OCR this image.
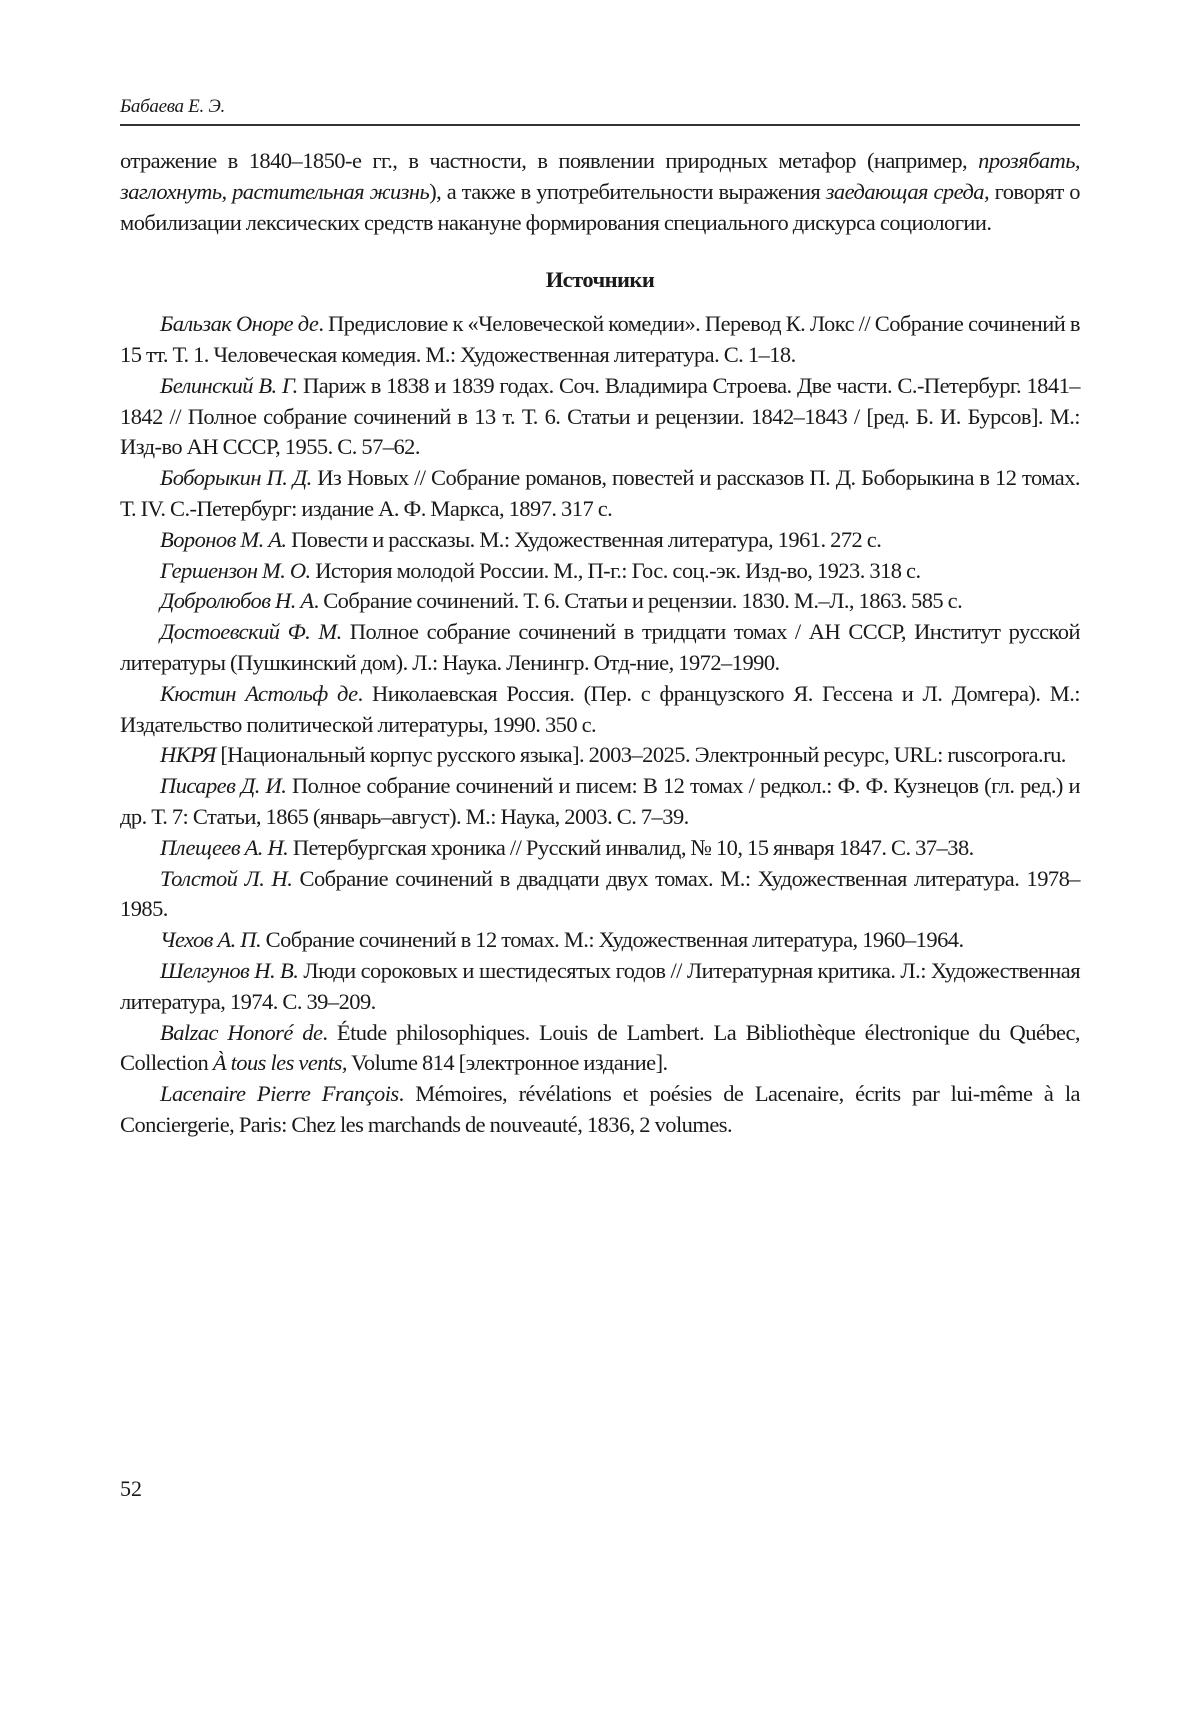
Бабаева Е. Э.

отражение в 1840–1850-е гг., в частности, в появлении природных метафор (например, прозябать, заглохнуть, растительная жизнь), а также в употребительности выражения заедающая среда, говорят о мобилизации лексических средств накануне формирования специального дискурса социологии.

Источники

Бальзак Оноре де. Предисловие к «Человеческой комедии». Перевод К. Локс // Собрание сочинений в 15 тт. Т. 1. Человеческая комедия. М.: Художественная литература. С. 1–18.

Белинский В. Г. Париж в 1838 и 1839 годах. Соч. Владимира Строева. Две части. С.-Петербург. 1841–1842 // Полное собрание сочинений в 13 т. Т. 6. Статьи и рецензии. 1842–1843 / [ред. Б. И. Бурсов]. М.: Изд-во АН СССР, 1955. С. 57–62.

Боборыкин П. Д. Из Новых // Собрание романов, повестей и рассказов П. Д. Боборыкина в 12 томах. Т. IV. С.-Петербург: издание А. Ф. Маркса, 1897. 317 с.

Воронов М. А. Повести и рассказы. М.: Художественная литература, 1961. 272 с.

Гершензон М. О. История молодой России. М., П-г.: Гос. соц.-эк. Изд-во, 1923. 318 с.

Добролюбов Н. А. Собрание сочинений. Т. 6. Статьи и рецензии. 1830. М.–Л., 1863. 585 с.

Достоевский Ф. М. Полное собрание сочинений в тридцати томах / АН СССР, Институт русской литературы (Пушкинский дом). Л.: Наука. Ленингр. Отд-ние, 1972–1990.

Кюстин Астольф де. Николаевская Россия. (Пер. с французского Я. Гессена и Л. Домгера). М.: Издательство политической литературы, 1990. 350 с.

НКРЯ [Национальный корпус русского языка]. 2003–2025. Электронный ресурс, URL: ruscorpora.ru.

Писарев Д. И. Полное собрание сочинений и писем: В 12 томах / редкол.: Ф. Ф. Кузнецов (гл. ред.) и др. Т. 7: Статьи, 1865 (январь–август). М.: Наука, 2003. С. 7–39.

Плещеев А. Н. Петербургская хроника // Русский инвалид, № 10, 15 января 1847. С. 37–38.

Толстой Л. Н. Собрание сочинений в двадцати двух томах. М.: Художественная литература. 1978–1985.

Чехов А. П. Собрание сочинений в 12 томах. М.: Художественная литература, 1960–1964.

Шелгунов Н. В. Люди сороковых и шестидесятых годов // Литературная критика. Л.: Художественная литература, 1974. С. 39–209.

Balzac Honoré de. Étude philosophiques. Louis de Lambert. La Bibliothèque électronique du Québec, Collection À tous les vents, Volume 814 [электронное издание].

Lacenaire Pierre François. Mémoires, révélations et poésies de Lacenaire, écrits par lui-même à la Conciergerie, Paris: Chez les marchands de nouveauté, 1836, 2 volumes.

52
